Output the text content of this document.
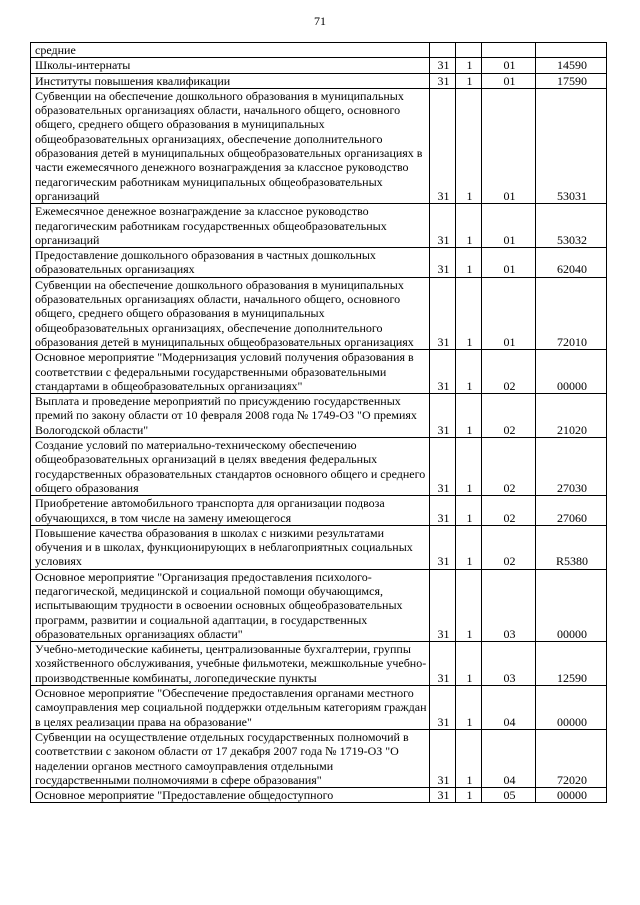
71
средние				
Школы-интернаты	31	1	01	14590
Институты повышения квалификации	31	1	01	17590
Субвенции на обеспечение дошкольного образования в муниципальных образовательных организациях области, начального общего, основного общего, среднего общего образования в муниципальных общеобразовательных организациях, обеспечение дополнительного образования детей в муниципальных общеобразовательных организациях в части ежемесячного денежного вознаграждения за классное руководство педагогическим работникам муниципальных общеобразовательных организаций	31	1	01	53031
Ежемесячное денежное вознаграждение за классное руководство педагогическим работникам государственных общеобразовательных организаций	31	1	01	53032
Предоставление дошкольного образования в частных дошкольных образовательных организациях	31	1	01	62040
Субвенции на обеспечение дошкольного образования в муниципальных образовательных организациях области, начального общего, основного общего, среднего общего образования в муниципальных общеобразовательных организациях, обеспечение дополнительного образования детей в муниципальных общеобразовательных организациях	31	1	01	72010
Основное мероприятие "Модернизация условий получения образования в соответствии с федеральными государственными образовательными стандартами в общеобразовательных организациях"	31	1	02	00000
Выплата и проведение мероприятий по присуждению государственных премий по закону области от 10 февраля 2008 года № 1749-ОЗ "О премиях Вологодской области"	31	1	02	21020
Создание условий по материально-техническому обеспечению общеобразовательных организаций в целях введения федеральных государственных образовательных стандартов основного общего и среднего общего образования	31	1	02	27030
Приобретение автомобильного транспорта для организации подвоза обучающихся, в том числе на замену имеющегося	31	1	02	27060
Повышение качества образования в школах с низкими результатами обучения и в школах, функционирующих в неблагоприятных социальных условиях	31	1	02	R5380
Основное мероприятие "Организация предоставления психолого-педагогической, медицинской и социальной помощи обучающимся, испытывающим трудности в освоении основных общеобразовательных программ, развитии и социальной адаптации, в государственных образовательных организациях области"	31	1	03	00000
Учебно-методические кабинеты, централизованные бухгалтерии, группы хозяйственного обслуживания, учебные фильмотеки, межшкольные учебно-производственные комбинаты, логопедические пункты	31	1	03	12590
Основное мероприятие "Обеспечение предоставления органами местного самоуправления мер социальной поддержки отдельным категориям граждан в целях реализации права на образование"	31	1	04	00000
Субвенции на осуществление отдельных государственных полномочий в соответствии с законом области от 17 декабря 2007 года № 1719-ОЗ "О наделении органов местного самоуправления отдельными государственными полномочиями в сфере образования"	31	1	04	72020
Основное мероприятие "Предоставление общедоступного	31	1	05	00000
